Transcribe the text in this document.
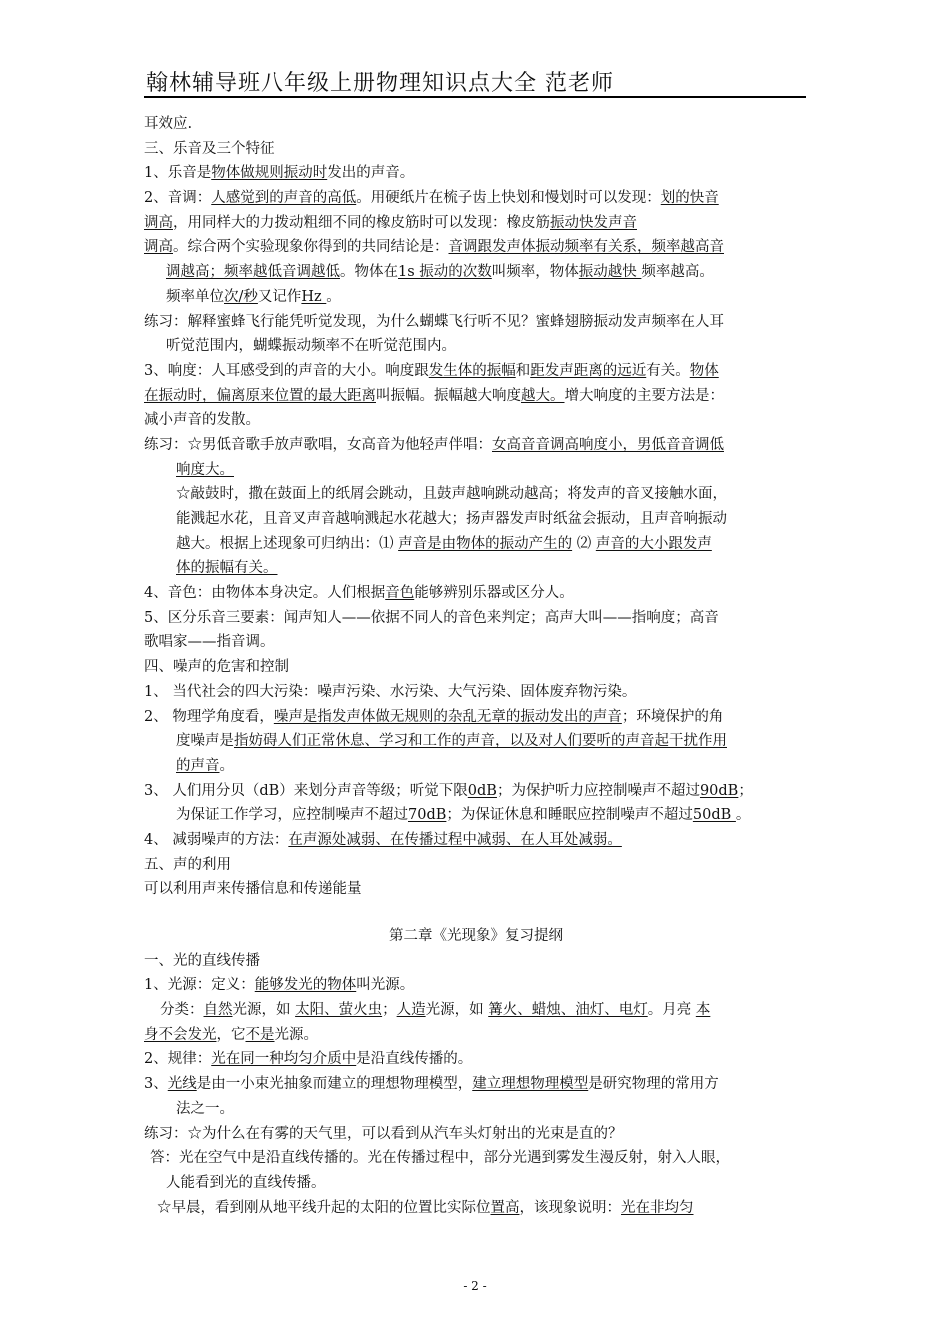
翰林辅导班八年级上册物理知识点大全 范老师
耳效应.
三、乐音及三个特征
1、乐音是物体做规则振动时发出的声音。
2、音调：人感觉到的声音的高低。用硬纸片在梳子齿上快划和慢划时可以发现：划的快音
调高，用同样大的力拨动粗细不同的橡皮筋时可以发现：橡皮筋振动快发声音
调高。综合两个实验现象你得到的共同结论是：音调跟发声体振动频率有关系，频率越高音
调越高；频率越低音调越低。物体在1s 振动的次数叫频率，物体振动越快 频率越高。
频率单位次/秒又记作Hz 。
练习：解释蜜蜂飞行能凭听觉发现，为什么蝴蝶飞行听不见？蜜蜂翅膀振动发声频率在人耳
听觉范围内，蝴蝶振动频率不在听觉范围内。
3、响度：人耳感受到的声音的大小。响度跟发生体的振幅和距发声距离的远近有关。物体
在振动时，偏离原来位置的最大距离叫振幅。振幅越大响度越大。增大响度的主要方法是：
减小声音的发散。
练习：☆男低音歌手放声歌唱，女高音为他轻声伴唱：女高音音调高响度小，男低音音调低
响度大。
☆敲鼓时，撒在鼓面上的纸屑会跳动，且鼓声越响跳动越高；将发声的音叉接触水面，
能溅起水花，且音叉声音越响溅起水花越大；扬声器发声时纸盆会振动，且声音响振动
越大。根据上述现象可归纳出：⑴ 声音是由物体的振动产生的 ⑵ 声音的大小跟发声
体的振幅有关。
4、音色：由物体本身决定。人们根据音色能够辨别乐器或区分人。
5、区分乐音三要素：闻声知人——依据不同人的音色来判定；高声大叫——指响度；高音
歌唱家——指音调。
四、噪声的危害和控制
1、 当代社会的四大污染：噪声污染、水污染、大气污染、固体废弃物污染。
2、 物理学角度看，噪声是指发声体做无规则的杂乱无章的振动发出的声音；环境保护的角
度噪声是指妨碍人们正常休息、学习和工作的声音，以及对人们要听的声音起干扰作用
的声音。
3、 人们用分贝（dB）来划分声音等级；听觉下限0dB；为保护听力应控制噪声不超过90dB；
为保证工作学习，应控制噪声不超过70dB；为保证休息和睡眠应控制噪声不超过50dB 。
4、 减弱噪声的方法：在声源处减弱、在传播过程中减弱、在人耳处减弱。
五、声的利用
可以利用声来传播信息和传递能量
第二章《光现象》复习提纲
一、光的直线传播
1、光源：定义：能够发光的物体叫光源。
分类：自然光源，如 太阳、萤火虫；人造光源，如 篝火、蜡烛、油灯、电灯。月亮 本
身不会发光，它不是光源。
2、规律：光在同一种均匀介质中是沿直线传播的。
3、光线是由一小束光抽象而建立的理想物理模型，建立理想物理模型是研究物理的常用方
法之一。
练习：☆为什么在有雾的天气里，可以看到从汽车头灯射出的光束是直的？
答：光在空气中是沿直线传播的。光在传播过程中，部分光遇到雾发生漫反射，射入人眼，
人能看到光的直线传播。
☆早晨，看到刚从地平线升起的太阳的位置比实际位置高，该现象说明：光在非均匀
- 2 -
